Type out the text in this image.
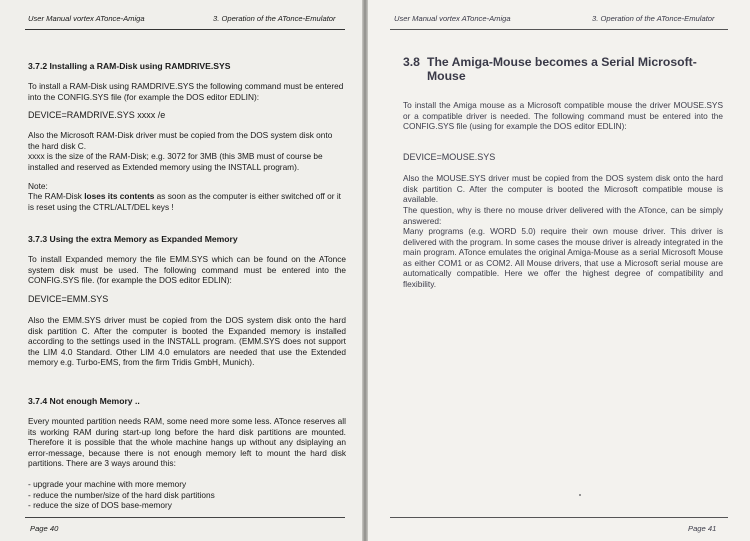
User Manual vortex ATonce-Amiga	3. Operation of the ATonce-Emulator
3.7.2 Installing a RAM-Disk using RAMDRIVE.SYS

To install a RAM-Disk using RAMDRIVE.SYS the following command must be entered into the CONFIG.SYS file (for example the DOS editor EDLIN):

DEVICE=RAMDRIVE.SYS xxxx /e

Also the Microsoft RAM-Disk driver must be copied from the DOS system disk onto the hard disk C.

xxxx is the size of the RAM-Disk; e.g. 3072 for 3MB (this 3MB must of course be installed and reserved as Extended memory using the INSTALL program).

Note:

The RAM-Disk loses its contents as soon as the computer is either switched off or it is reset using the CTRL/ALT/DEL keys !

3.7.3 Using the extra Memory as Expanded Memory

To install Expanded memory the file EMM.SYS which can be found on the ATonce system disk must be used. The following command must be entered into the CONFIG.SYS file. (for example the DOS editor EDLIN):

DEVICE=EMM.SYS

Also the EMM.SYS driver must be copied from the DOS system disk onto the hard disk partition C. After the computer is booted the Expanded memory is installed according to the settings used in the INSTALL program. (EMM.SYS does not support the LIM 4.0 Standard. Other LIM 4.0 emulators are needed that use the Extended memory e.g. Turbo-EMS, from the firm Tridis GmbH, Munich).

3.7.4 Not enough Memory ..

Every mounted partition needs RAM, some need more some less. ATonce reserves all its working RAM during start-up long before the hard disk partitions are mounted. Therefore it is possible that the whole machine hangs up without any dsiplaying an error-message, because there is not enough memory left to mount the hard disk partitions. There are 3 ways around this:

- upgrade your machine with more memory
- reduce the number/size of the hard disk partitions
- reduce the size of DOS base-memory
Page 40
User Manual vortex ATonce-Amiga	3. Operation of the ATonce-Emulator
3.8 The Amiga-Mouse becomes a Serial Microsoft-Mouse

To install the Amiga mouse as a Microsoft compatible mouse the driver MOUSE.SYS or a compatible driver is needed. The following command must be entered into the CONFIG.SYS file (using for example the DOS editor EDLIN):

DEVICE=MOUSE.SYS

Also the MOUSE.SYS driver must be copied from the DOS system disk onto the hard disk partition C. After the computer is booted the Microsoft compatible mouse is available.

The question, why is there no mouse driver delivered with the ATonce, can be simply answered:

Many programs (e.g. WORD 5.0) require their own mouse driver. This driver is delivered with the program. In some cases the mouse driver is already integrated in the main program. ATonce emulates the original Amiga-Mouse as a serial Microsoft Mouse as either COM1 or as COM2. All Mouse drivers, that use a Microsoft serial mouse are automatically compatible. Here we offer the highest degree of compatibility and flexibility.

Page 41
